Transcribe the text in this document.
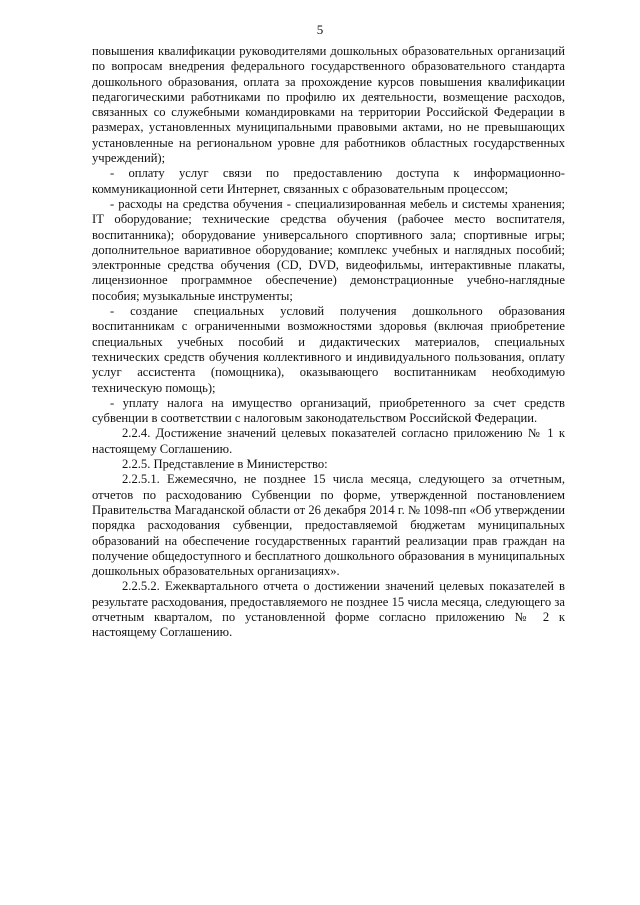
5

повышения квалификации руководителями дошкольных образовательных организаций по вопросам внедрения федерального государственного образовательного стандарта дошкольного образования, оплата за прохождение курсов повышения квалификации педагогическими работниками по профилю их деятельности, возмещение расходов, связанных со служебными командировками на территории Российской Федерации в размерах, установленных муниципальными правовыми актами, но не превышающих установленные на региональном уровне для работников областных государственных учреждений);

- оплату услуг связи по предоставлению доступа к информационно-коммуникационной сети Интернет, связанных с образовательным процессом;

- расходы на средства обучения - специализированная мебель и системы хранения; IT оборудование; технические средства обучения (рабочее место воспитателя, воспитанника); оборудование универсального спортивного зала; спортивные игры; дополнительное вариативное оборудование; комплекс учебных и наглядных пособий; электронные средства обучения (CD, DVD, видеофильмы, интерактивные плакаты, лицензионное программное обеспечение) демонстрационные учебно-наглядные пособия; музыкальные инструменты;

- создание специальных условий получения дошкольного образования воспитанникам с ограниченными возможностями здоровья (включая приобретение специальных учебных пособий и дидактических материалов, специальных технических средств обучения коллективного и индивидуального пользования, оплату услуг ассистента (помощника), оказывающего воспитанникам необходимую техническую помощь);

- уплату налога на имущество организаций, приобретенного за счет средств субвенции в соответствии с налоговым законодательством Российской Федерации.

2.2.4. Достижение значений целевых показателей согласно приложению № 1 к настоящему Соглашению.

2.2.5. Представление в Министерство:

2.2.5.1. Ежемесячно, не позднее 15 числа месяца, следующего за отчетным, отчетов по расходованию Субвенции по форме, утвержденной постановлением Правительства Магаданской области от 26 декабря 2014 г. № 1098-пп «Об утверждении порядка расходования субвенции, предоставляемой бюджетам муниципальных образований на обеспечение государственных гарантий реализации прав граждан на получение общедоступного и бесплатного дошкольного образования в муниципальных дошкольных образовательных организациях».

2.2.5.2. Ежеквартального отчета о достижении значений целевых показателей в результате расходования, предоставляемого не позднее 15 числа месяца, следующего за отчетным кварталом, по установленной форме согласно приложению № 2 к настоящему Соглашению.
